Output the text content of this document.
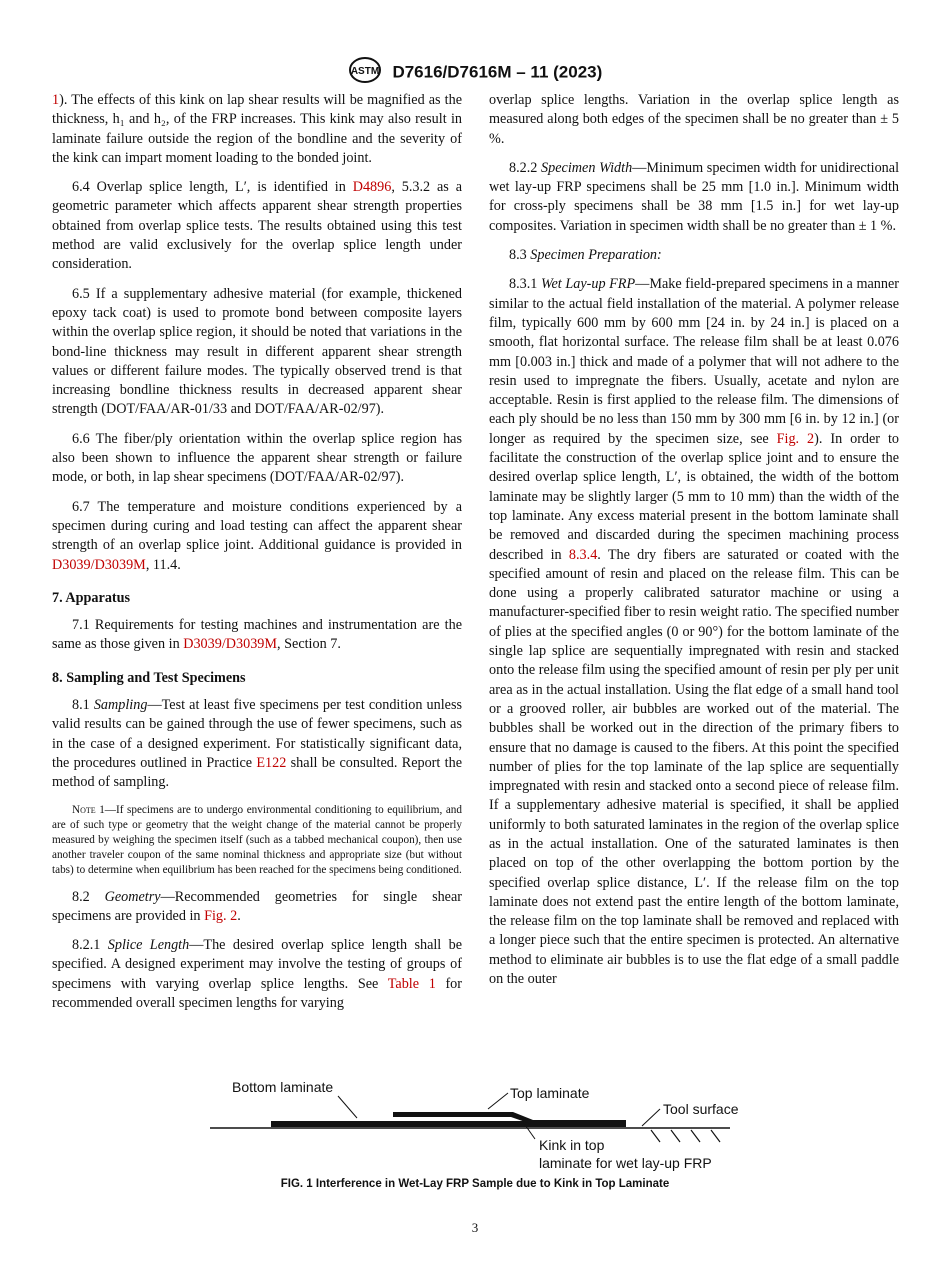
ASTM D7616/D7616M – 11 (2023)

1). The effects of this kink on lap shear results will be magnified as the thickness, h₁ and h₂, of the FRP increases. This kink may also result in laminate failure outside the region of the bondline and the severity of the kink can impart moment loading to the bonded joint.

6.4 Overlap splice length, L′, is identified in D4896, 5.3.2 as a geometric parameter which affects apparent shear strength properties obtained from overlap splice tests. The results obtained using this test method are valid exclusively for the overlap splice length under consideration.

6.5 If a supplementary adhesive material (for example, thickened epoxy tack coat) is used to promote bond between composite layers within the overlap splice region, it should be noted that variations in the bond-line thickness may result in different apparent shear strength values or different failure modes. The typically observed trend is that increasing bondline thickness results in decreased apparent shear strength (DOT/FAA/AR-01/33 and DOT/FAA/AR-02/97).

6.6 The fiber/ply orientation within the overlap splice region has also been shown to influence the apparent shear strength or failure mode, or both, in lap shear specimens (DOT/FAA/AR-02/97).

6.7 The temperature and moisture conditions experienced by a specimen during curing and load testing can affect the apparent shear strength of an overlap splice joint. Additional guidance is provided in D3039/D3039M, 11.4.

7. Apparatus

7.1 Requirements for testing machines and instrumentation are the same as those given in D3039/D3039M, Section 7.

8. Sampling and Test Specimens

8.1 Sampling—Test at least five specimens per test condition unless valid results can be gained through the use of fewer specimens, such as in the case of a designed experiment. For statistically significant data, the procedures outlined in Practice E122 shall be consulted. Report the method of sampling.

Note 1—If specimens are to undergo environmental conditioning to equilibrium, and are of such type or geometry that the weight change of the material cannot be properly measured by weighing the specimen itself (such as a tabbed mechanical coupon), then use another traveler coupon of the same nominal thickness and appropriate size (but without tabs) to determine when equilibrium has been reached for the specimens being conditioned.

8.2 Geometry—Recommended geometries for single shear specimens are provided in Fig. 2.

8.2.1 Splice Length—The desired overlap splice length shall be specified. A designed experiment may involve the testing of groups of specimens with varying overlap splice lengths. See Table 1 for recommended overall specimen lengths for varying

overlap splice lengths. Variation in the overlap splice length as measured along both edges of the specimen shall be no greater than ± 5 %.

8.2.2 Specimen Width—Minimum specimen width for unidirectional wet lay-up FRP specimens shall be 25 mm [1.0 in.]. Minimum width for cross-ply specimens shall be 38 mm [1.5 in.] for wet lay-up composites. Variation in specimen width shall be no greater than ± 1 %.

8.3 Specimen Preparation:

8.3.1 Wet Lay-up FRP—Make field-prepared specimens in a manner similar to the actual field installation of the material. A polymer release film, typically 600 mm by 600 mm [24 in. by 24 in.] is placed on a smooth, flat horizontal surface. The release film shall be at least 0.076 mm [0.003 in.] thick and made of a polymer that will not adhere to the resin used to impregnate the fibers. Usually, acetate and nylon are acceptable. Resin is first applied to the release film. The dimensions of each ply should be no less than 150 mm by 300 mm [6 in. by 12 in.] (or longer as required by the specimen size, see Fig. 2). In order to facilitate the construction of the overlap splice joint and to ensure the desired overlap splice length, L′, is obtained, the width of the bottom laminate may be slightly larger (5 mm to 10 mm) than the width of the top laminate. Any excess material present in the bottom laminate shall be removed and discarded during the specimen machining process described in 8.3.4. The dry fibers are saturated or coated with the specified amount of resin and placed on the release film. This can be done using a properly calibrated saturator machine or using a manufacturer-specified fiber to resin weight ratio. The specified number of plies at the specified angles (0 or 90°) for the bottom laminate of the single lap splice are sequentially impregnated with resin and stacked onto the release film using the specified amount of resin per ply per unit area as in the actual installation. Using the flat edge of a small hand tool or a grooved roller, air bubbles are worked out of the material. The bubbles shall be worked out in the direction of the primary fibers to ensure that no damage is caused to the fibers. At this point the specified number of plies for the top laminate of the lap splice are sequentially impregnated with resin and stacked onto a second piece of release film. If a supplementary adhesive material is specified, it shall be applied uniformly to both saturated laminates in the region of the overlap splice as in the actual installation. One of the saturated laminates is then placed on top of the other overlapping the bottom portion by the specified overlap splice distance, L′. If the release film on the top laminate does not extend past the entire length of the bottom laminate, the release film on the top laminate shall be removed and replaced with a longer piece such that the entire specimen is protected. An alternative method to eliminate air bubbles is to use the flat edge of a small paddle on the outer

Bottom laminate	Top laminate
Tool surface
Kink in top
laminate for wet lay-up FRP
FIG. 1 Interference in Wet-Lay FRP Sample due to Kink in Top Laminate
3
